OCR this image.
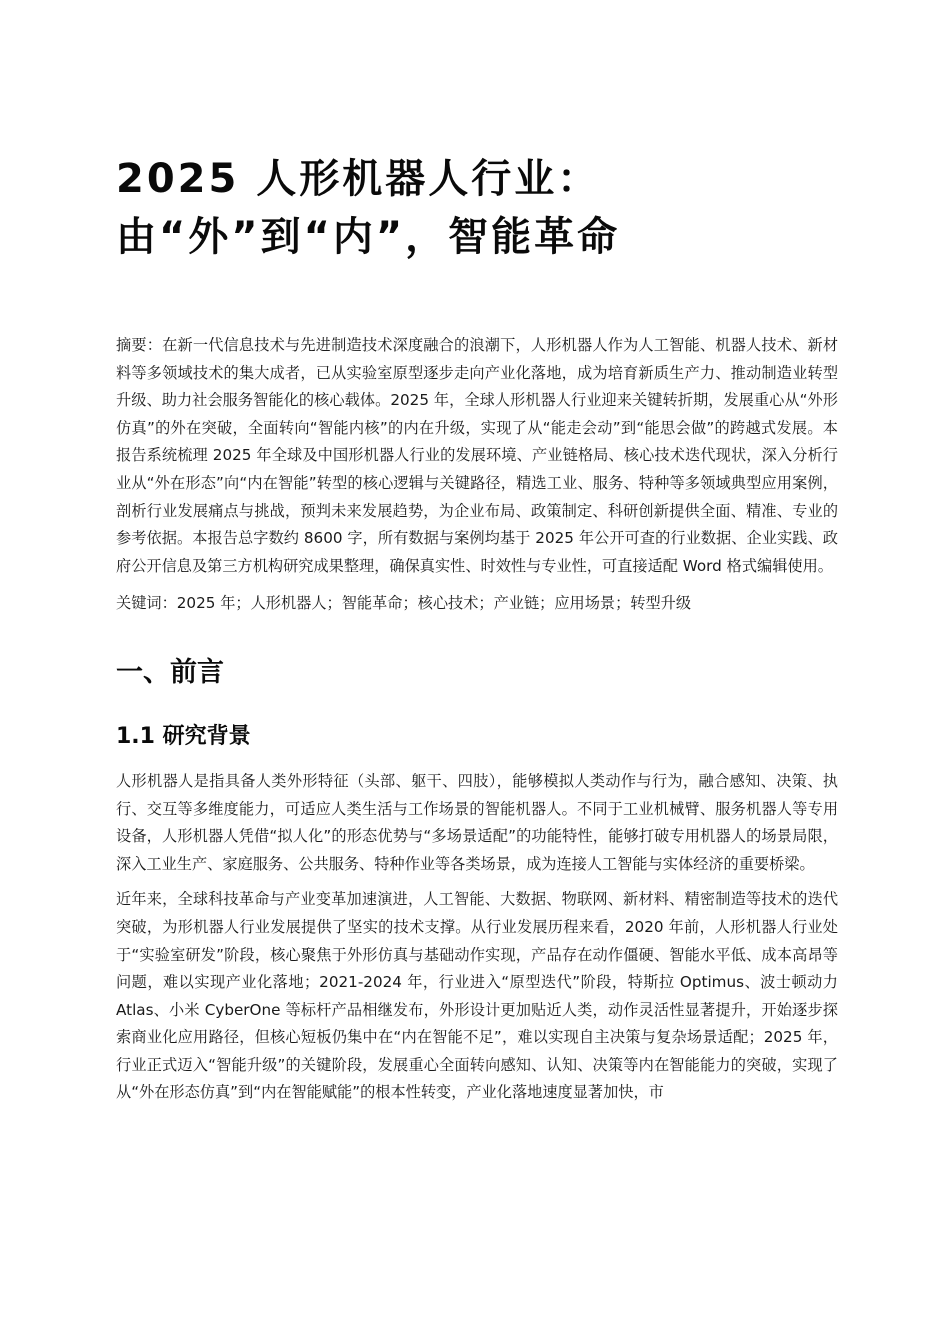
2025 人形机器人行业：由“外”到“内”，智能革命

摘要：在新一代信息技术与先进制造技术深度融合的浪潮下，人形机器人作为人工智能、机器人技术、新材料等多领域技术的集大成者，已从实验室原型逐步走向产业化落地，成为培育新质生产力、推动制造业转型升级、助力社会服务智能化的核心载体。2025 年，全球人形机器人行业迎来关键转折期，发展重心从“外形仿真”的外在突破，全面转向“智能内核”的内在升级，实现了从“能走会动”到“能思会做”的跨越式发展。本报告系统梳理 2025 年全球及中国形机器人行业的发展环境、产业链格局、核心技术迭代现状，深入分析行业从“外在形态”向“内在智能”转型的核心逻辑与关键路径，精选工业、服务、特种等多领域典型应用案例，剖析行业发展痛点与挑战，预判未来发展趋势，为企业布局、政策制定、科研创新提供全面、精准、专业的参考依据。本报告总字数约 8600 字，所有数据与案例均基于 2025 年公开可查的行业数据、企业实践、政府公开信息及第三方机构研究成果整理，确保真实性、时效性与专业性，可直接适配 Word 格式编辑使用。

关键词：2025 年；人形机器人；智能革命；核心技术；产业链；应用场景；转型升级

一、前言
1.1 研究背景

人形机器人是指具备人类外形特征（头部、躯干、四肢），能够模拟人类动作与行为，融合感知、决策、执行、交互等多维度能力，可适应人类生活与工作场景的智能机器人。不同于工业机械臂、服务机器人等专用设备，人形机器人凭借“拟人化”的形态优势与“多场景适配”的功能特性，能够打破专用机器人的场景局限，深入工业生产、家庭服务、公共服务、特种作业等各类场景，成为连接人工智能与实体经济的重要桥梁。

近年来，全球科技革命与产业变革加速演进，人工智能、大数据、物联网、新材料、精密制造等技术的迭代突破，为形机器人行业发展提供了坚实的技术支撑。从行业发展历程来看，2020 年前，人形机器人行业处于“实验室研发”阶段，核心聚焦于外形仿真与基础动作实现，产品存在动作僵硬、智能水平低、成本高昂等问题，难以实现产业化落地；2021-2024 年，行业进入“原型迭代”阶段，特斯拉 Optimus、波士顿动力 Atlas、小米 CyberOne 等标杆产品相继发布，外形设计更加贴近人类，动作灵活性显著提升，开始逐步探索商业化应用路径，但核心短板仍集中在“内在智能不足”，难以实现自主决策与复杂场景适配；2025 年，行业正式迈入“智能升级”的关键阶段，发展重心全面转向感知、认知、决策等内在智能能力的突破，实现了从“外在形态仿真”到“内在智能赋能”的根本性转变，产业化落地速度显著加快，市
